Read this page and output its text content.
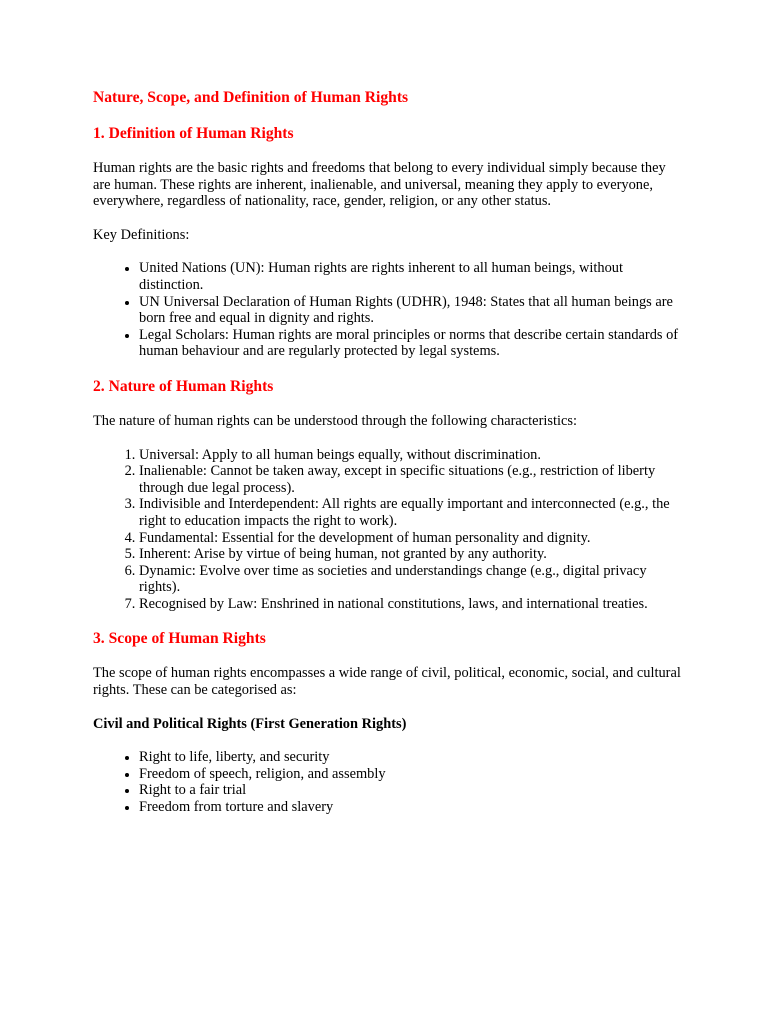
Nature, Scope, and Definition of Human Rights
1. Definition of Human Rights

Human rights are the basic rights and freedoms that belong to every individual simply because they are human. These rights are inherent, inalienable, and universal, meaning they apply to everyone, everywhere, regardless of nationality, race, gender, religion, or any other status.

Key Definitions:

• United Nations (UN): Human rights are rights inherent to all human beings, without distinction.
• UN Universal Declaration of Human Rights (UDHR), 1948: States that all human beings are born free and equal in dignity and rights.
• Legal Scholars: Human rights are moral principles or norms that describe certain standards of human behaviour and are regularly protected by legal systems.
2. Nature of Human Rights

The nature of human rights can be understood through the following characteristics:

1. Universal: Apply to all human beings equally, without discrimination.
2. Inalienable: Cannot be taken away, except in specific situations (e.g., restriction of liberty through due legal process).
3. Indivisible and Interdependent: All rights are equally important and interconnected (e.g., the right to education impacts the right to work).
4. Fundamental: Essential for the development of human personality and dignity.
5. Inherent: Arise by virtue of being human, not granted by any authority.
6. Dynamic: Evolve over time as societies and understandings change (e.g., digital privacy rights).
7. Recognised by Law: Enshrined in national constitutions, laws, and international treaties.
3. Scope of Human Rights

The scope of human rights encompasses a wide range of civil, political, economic, social, and cultural rights. These can be categorised as:

Civil and Political Rights (First Generation Rights)
• Right to life, liberty, and security
• Freedom of speech, religion, and assembly
• Right to a fair trial
• Freedom from torture and slavery
